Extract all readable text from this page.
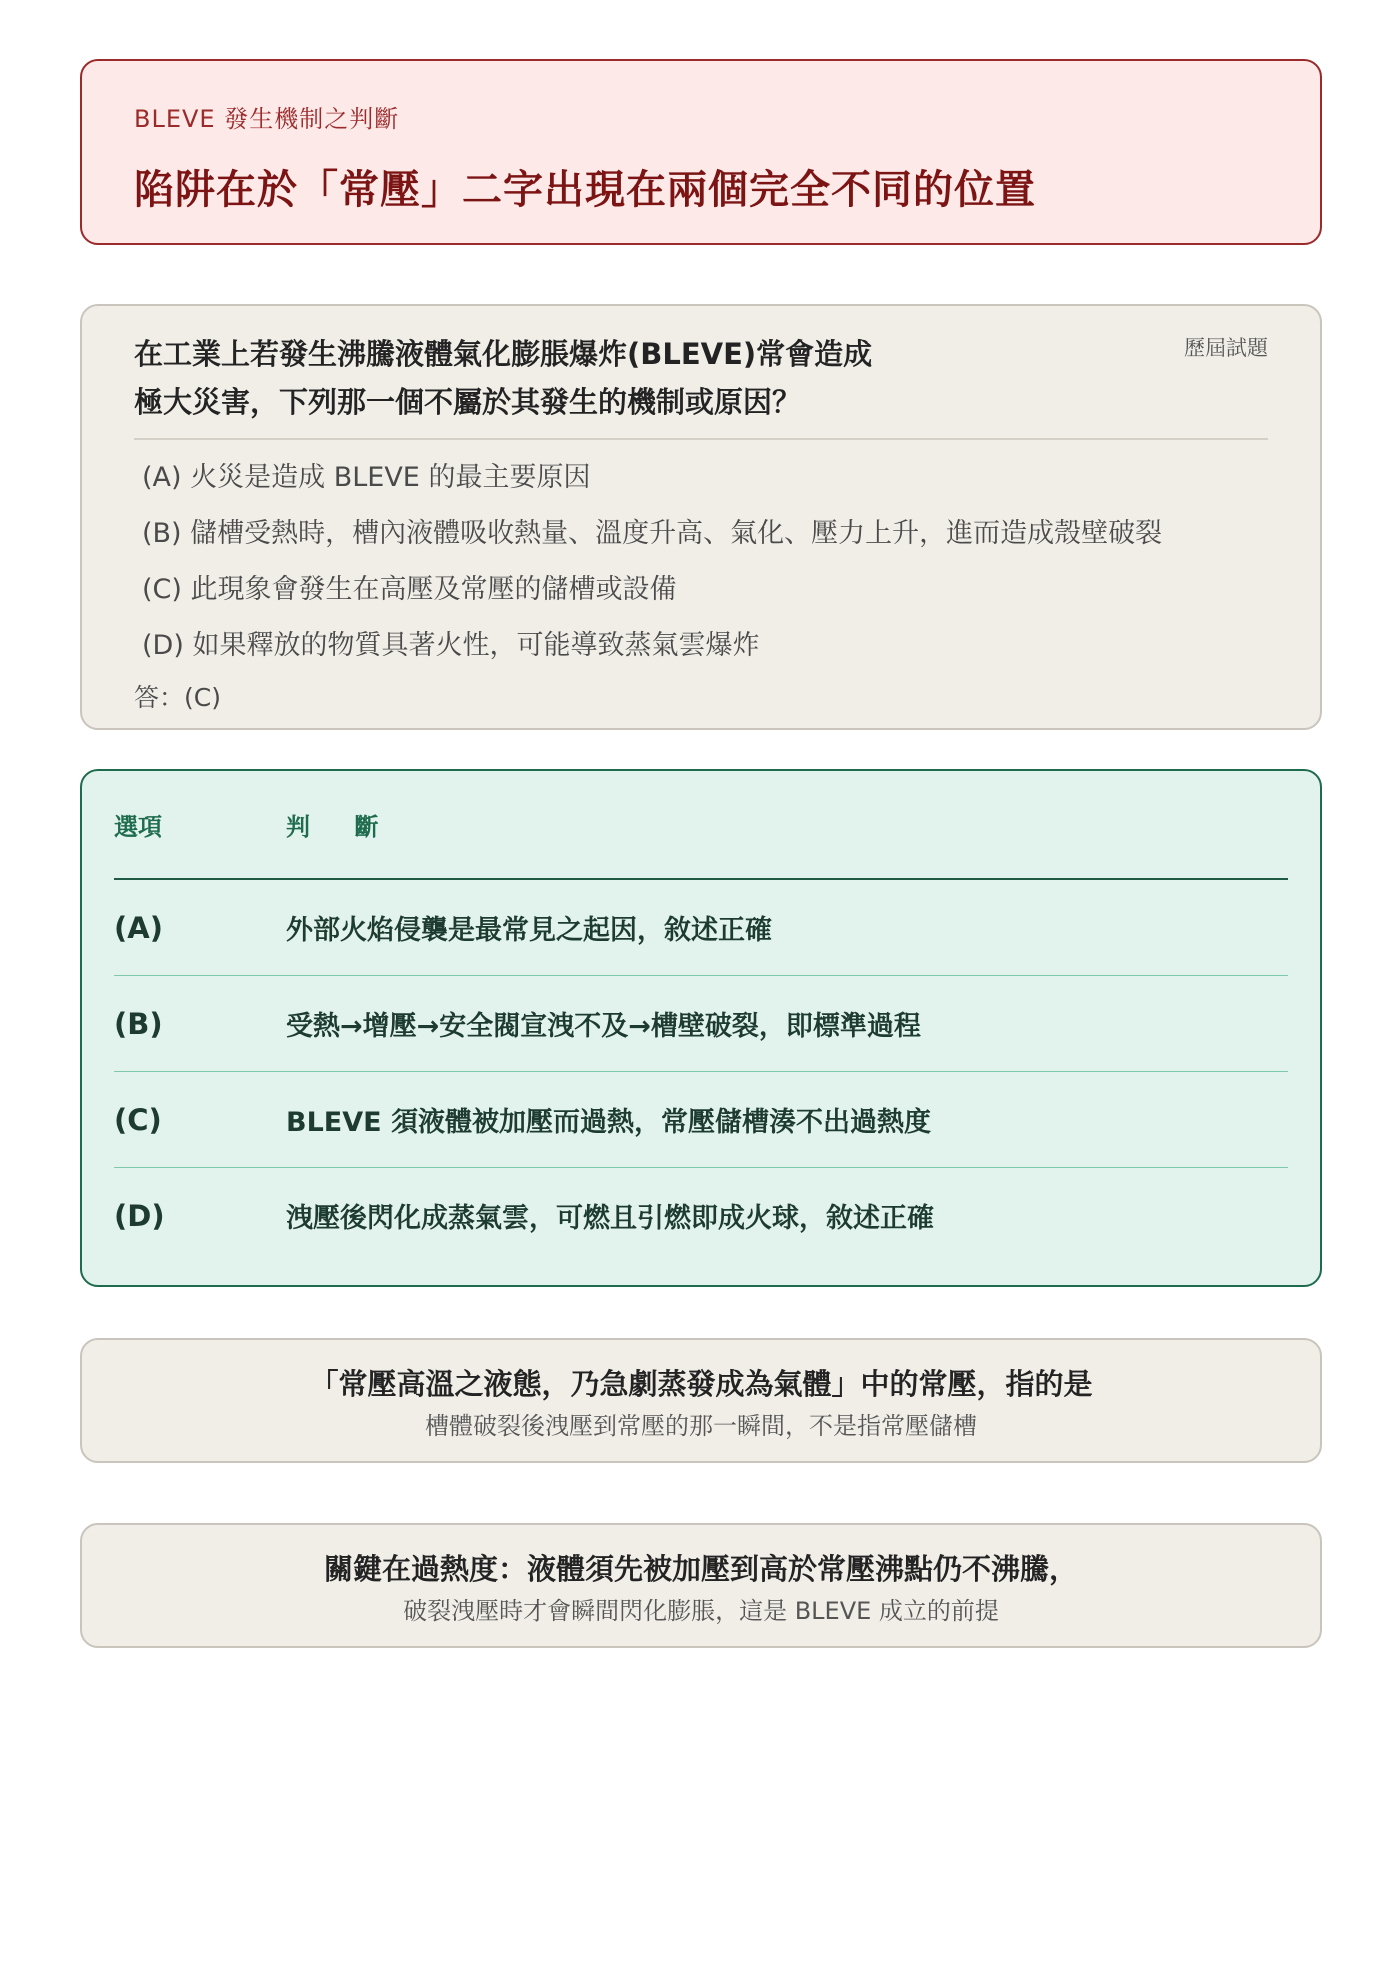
BLEVE 發生機制之判斷
陷阱在於「常壓」二字出現在兩個完全不同的位置
歷屆試題
在工業上若發生沸騰液體氣化膨脹爆炸(BLEVE)常會造成
極大災害，下列那一個不屬於其發生的機制或原因？
(A) 火災是造成 BLEVE 的最主要原因
(B) 儲槽受熱時，槽內液體吸收熱量、溫度升高、氣化、壓力上升，進而造成殼壁破裂
(C) 此現象會發生在高壓及常壓的儲槽或設備
(D) 如果釋放的物質具著火性，可能導致蒸氣雲爆炸
答：(C)
選項	判 斷
(A)	外部火焰侵襲是最常見之起因，敘述正確
(B)	受熱→增壓→安全閥宣洩不及→槽壁破裂，即標準過程
(C)	BLEVE 須液體被加壓而過熱，常壓儲槽湊不出過熱度
(D)	洩壓後閃化成蒸氣雲，可燃且引燃即成火球，敘述正確
「常壓高溫之液態，乃急劇蒸發成為氣體」中的常壓，指的是
槽體破裂後洩壓到常壓的那一瞬間，不是指常壓儲槽
關鍵在過熱度：液體須先被加壓到高於常壓沸點仍不沸騰，
破裂洩壓時才會瞬間閃化膨脹，這是 BLEVE 成立的前提
